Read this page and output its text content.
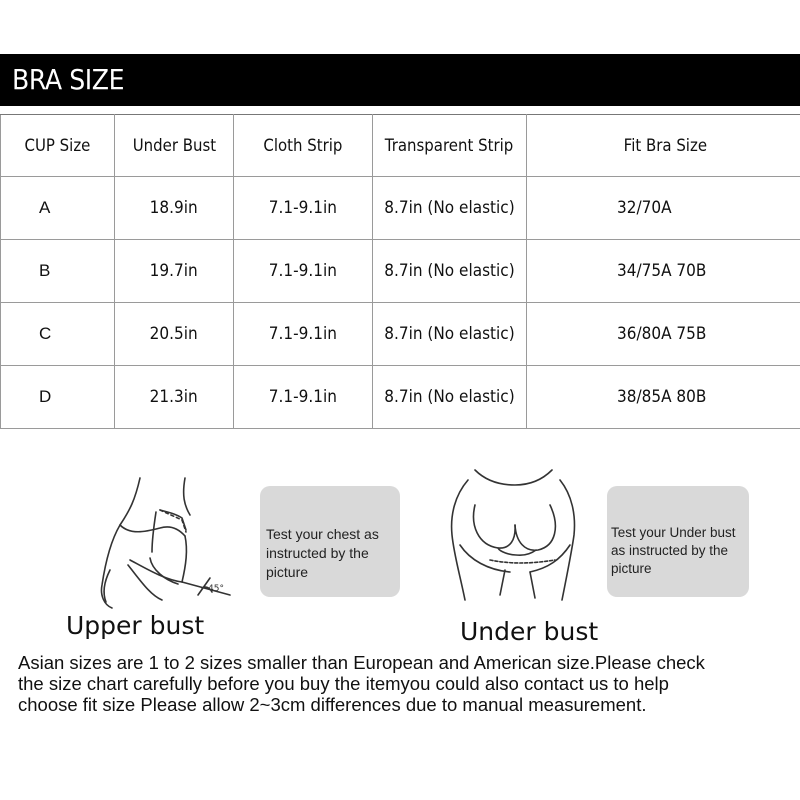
BRA SIZE
CUP Size	Under Bust	Cloth Strip	Transparent Strip	Fit Bra Size
A	18.9in	7.1-9.1in	8.7in (No elastic)	32/70A
B	19.7in	7.1-9.1in	8.7in (No elastic)	34/75A 70B
C	20.5in	7.1-9.1in	8.7in (No elastic)	36/80A 75B
D	21.3in	7.1-9.1in	8.7in (No elastic)	38/85A 80B
45°
Test your chest as
instructed by the
picture
Upper bust
Test your Under bust
as instructed by the
picture
Under bust
Asian sizes are 1 to 2 sizes smaller than European and American size.Please check
the size chart carefully before you buy the itemyou could also contact us to help
choose fit size Please allow 2~3cm differences due to manual measurement.
